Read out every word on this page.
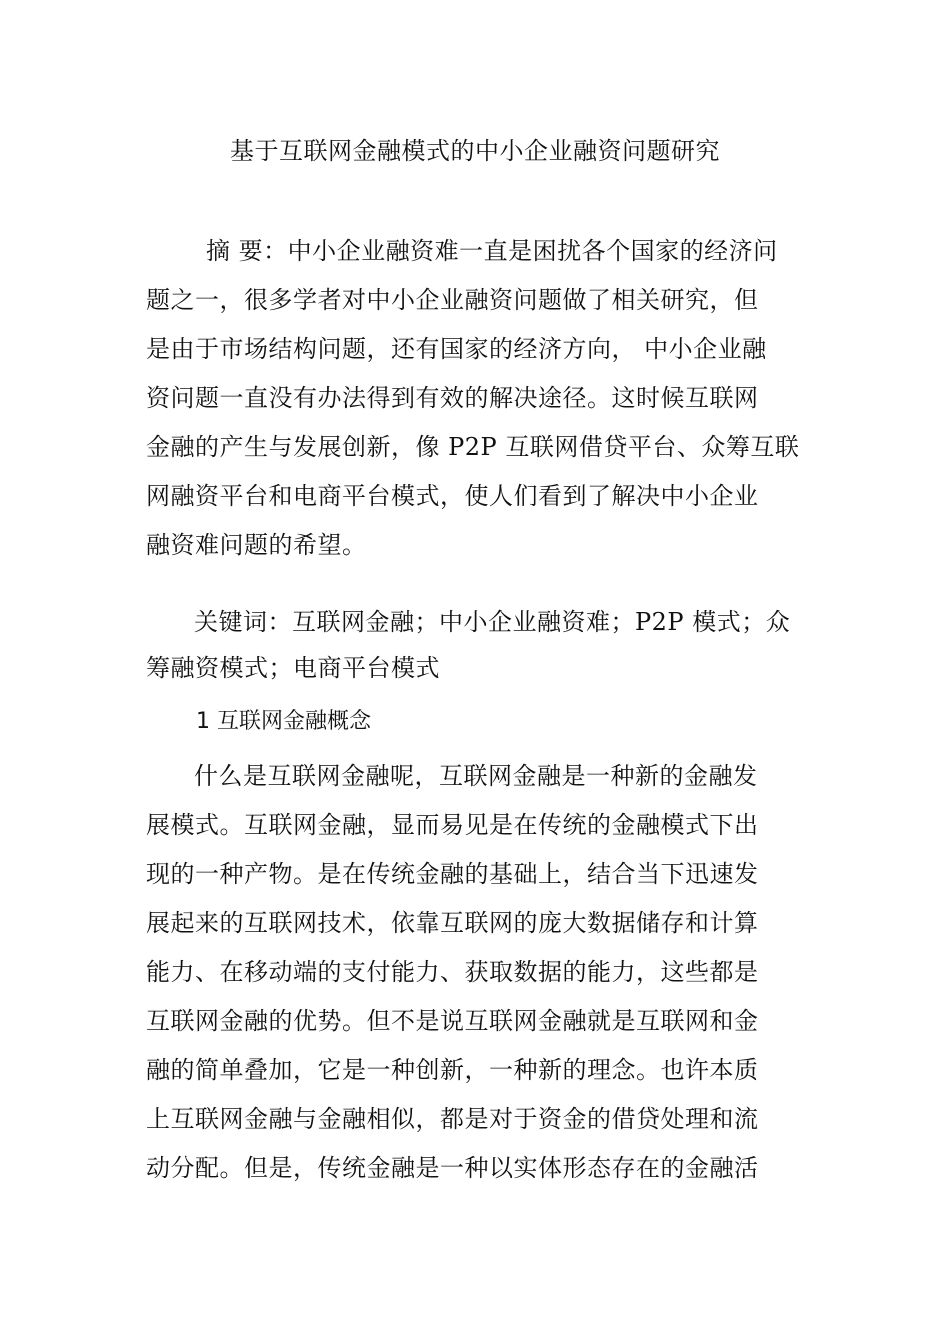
基于互联网金融模式的中小企业融资问题研究
摘 要：中小企业融资难一直是困扰各个国家的经济问
题之一，很多学者对中小企业融资问题做了相关研究，但
是由于市场结构问题，还有国家的经济方向， 中小企业融
资问题一直没有办法得到有效的解决途径。这时候互联网
金融的产生与发展创新，像 P2P 互联网借贷平台、众筹互联
网融资平台和电商平台模式，使人们看到了解决中小企业
融资难问题的希望。
关键词：互联网金融；中小企业融资难；P2P 模式；众
筹融资模式；电商平台模式
1 互联网金融概念
什么是互联网金融呢，互联网金融是一种新的金融发
展模式。互联网金融，显而易见是在传统的金融模式下出
现的一种产物。是在传统金融的基础上，结合当下迅速发
展起来的互联网技术，依靠互联网的庞大数据储存和计算
能力、在移动端的支付能力、获取数据的能力，这些都是
互联网金融的优势。但不是说互联网金融就是互联网和金
融的简单叠加，它是一种创新，一种新的理念。也许本质
上互联网金融与金融相似，都是对于资金的借贷处理和流
动分配。但是，传统金融是一种以实体形态存在的金融活
